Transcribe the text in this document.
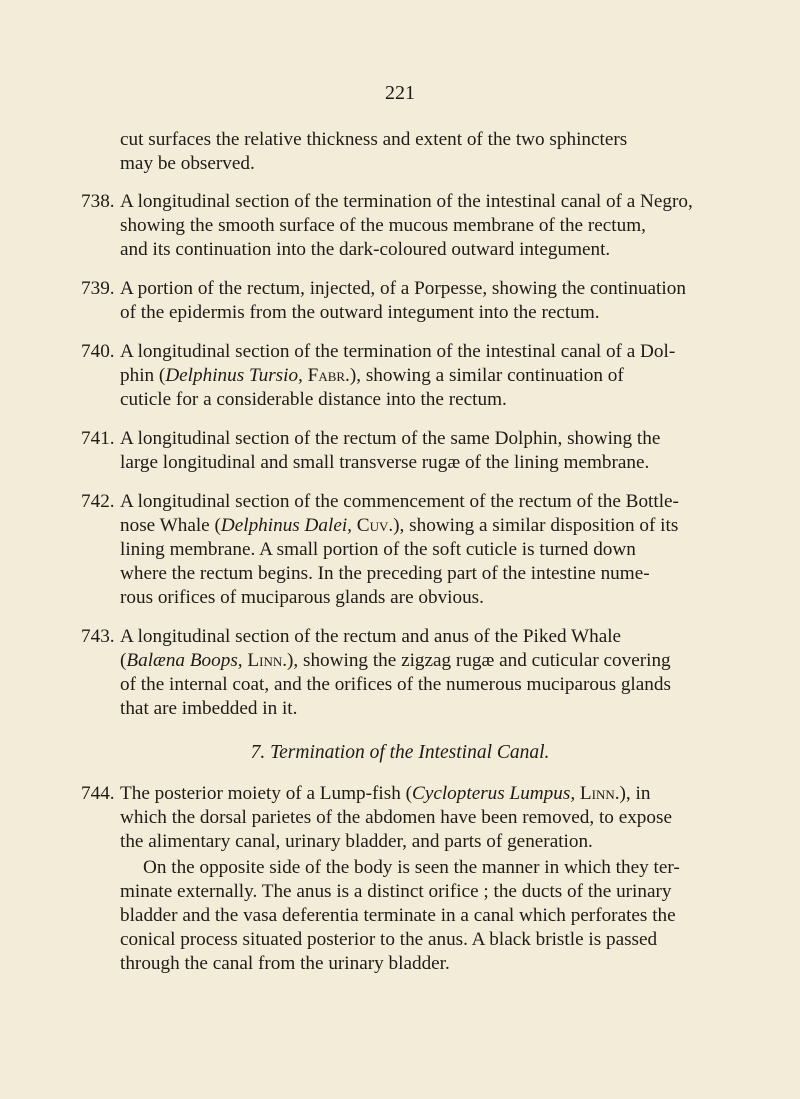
221
cut surfaces the relative thickness and extent of the two sphincters
may be observed.
738. A longitudinal section of the termination of the intestinal canal of a Negro,
showing the smooth surface of the mucous membrane of the rectum,
and its continuation into the dark-coloured outward integument.
739. A portion of the rectum, injected, of a Porpesse, showing the continuation
of the epidermis from the outward integument into the rectum.
740. A longitudinal section of the termination of the intestinal canal of a Dol-
phin (Delphinus Tursio, Fabr.), showing a similar continuation of
cuticle for a considerable distance into the rectum.
741. A longitudinal section of the rectum of the same Dolphin, showing the
large longitudinal and small transverse rugæ of the lining membrane.
742. A longitudinal section of the commencement of the rectum of the Bottle-
nose Whale (Delphinus Dalei, Cuv.), showing a similar disposition of its
lining membrane. A small portion of the soft cuticle is turned down
where the rectum begins. In the preceding part of the intestine nume-
rous orifices of muciparous glands are obvious.
743. A longitudinal section of the rectum and anus of the Piked Whale
(Balæna Boops, Linn.), showing the zigzag rugæ and cuticular covering
of the internal coat, and the orifices of the numerous muciparous glands
that are imbedded in it.
7. Termination of the Intestinal Canal.
744. The posterior moiety of a Lump-fish (Cyclopterus Lumpus, Linn.), in
which the dorsal parietes of the abdomen have been removed, to expose
the alimentary canal, urinary bladder, and parts of generation.
On the opposite side of the body is seen the manner in which they ter-
minate externally. The anus is a distinct orifice ; the ducts of the urinary
bladder and the vasa deferentia terminate in a canal which perforates the
conical process situated posterior to the anus. A black bristle is passed
through the canal from the urinary bladder.
